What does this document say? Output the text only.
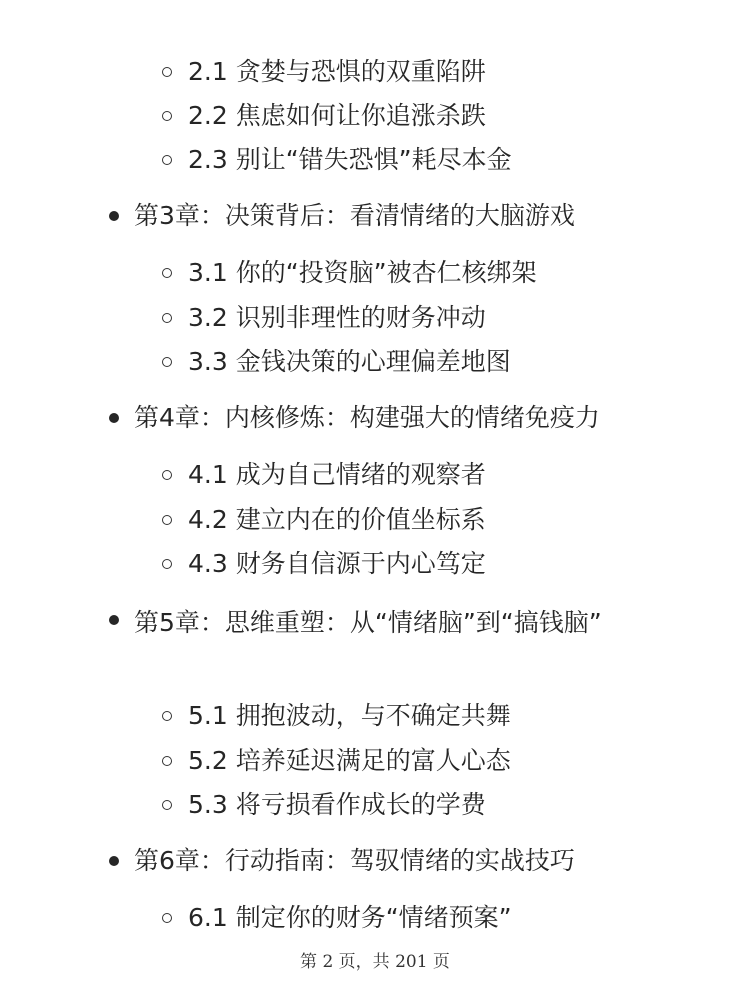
2.1 贪婪与恐惧的双重陷阱
2.2 焦虑如何让你追涨杀跌
2.3 别让“错失恐惧”耗尽本金
第3章：决策背后：看清情绪的大脑游戏
3.1 你的“投资脑”被杏仁核绑架
3.2 识别非理性的财务冲动
3.3 金钱决策的心理偏差地图
第4章：内核修炼：构建强大的情绪免疫力
4.1 成为自己情绪的观察者
4.2 建立内在的价值坐标系
4.3 财务自信源于内心笃定
第5章：思维重塑：从“情绪脑”到“搞钱脑”
5.1 拥抱波动，与不确定共舞
5.2 培养延迟满足的富人心态
5.3 将亏损看作成长的学费
第6章：行动指南：驾驭情绪的实战技巧
6.1 制定你的财务“情绪预案”
第 2 页，共 201 页
